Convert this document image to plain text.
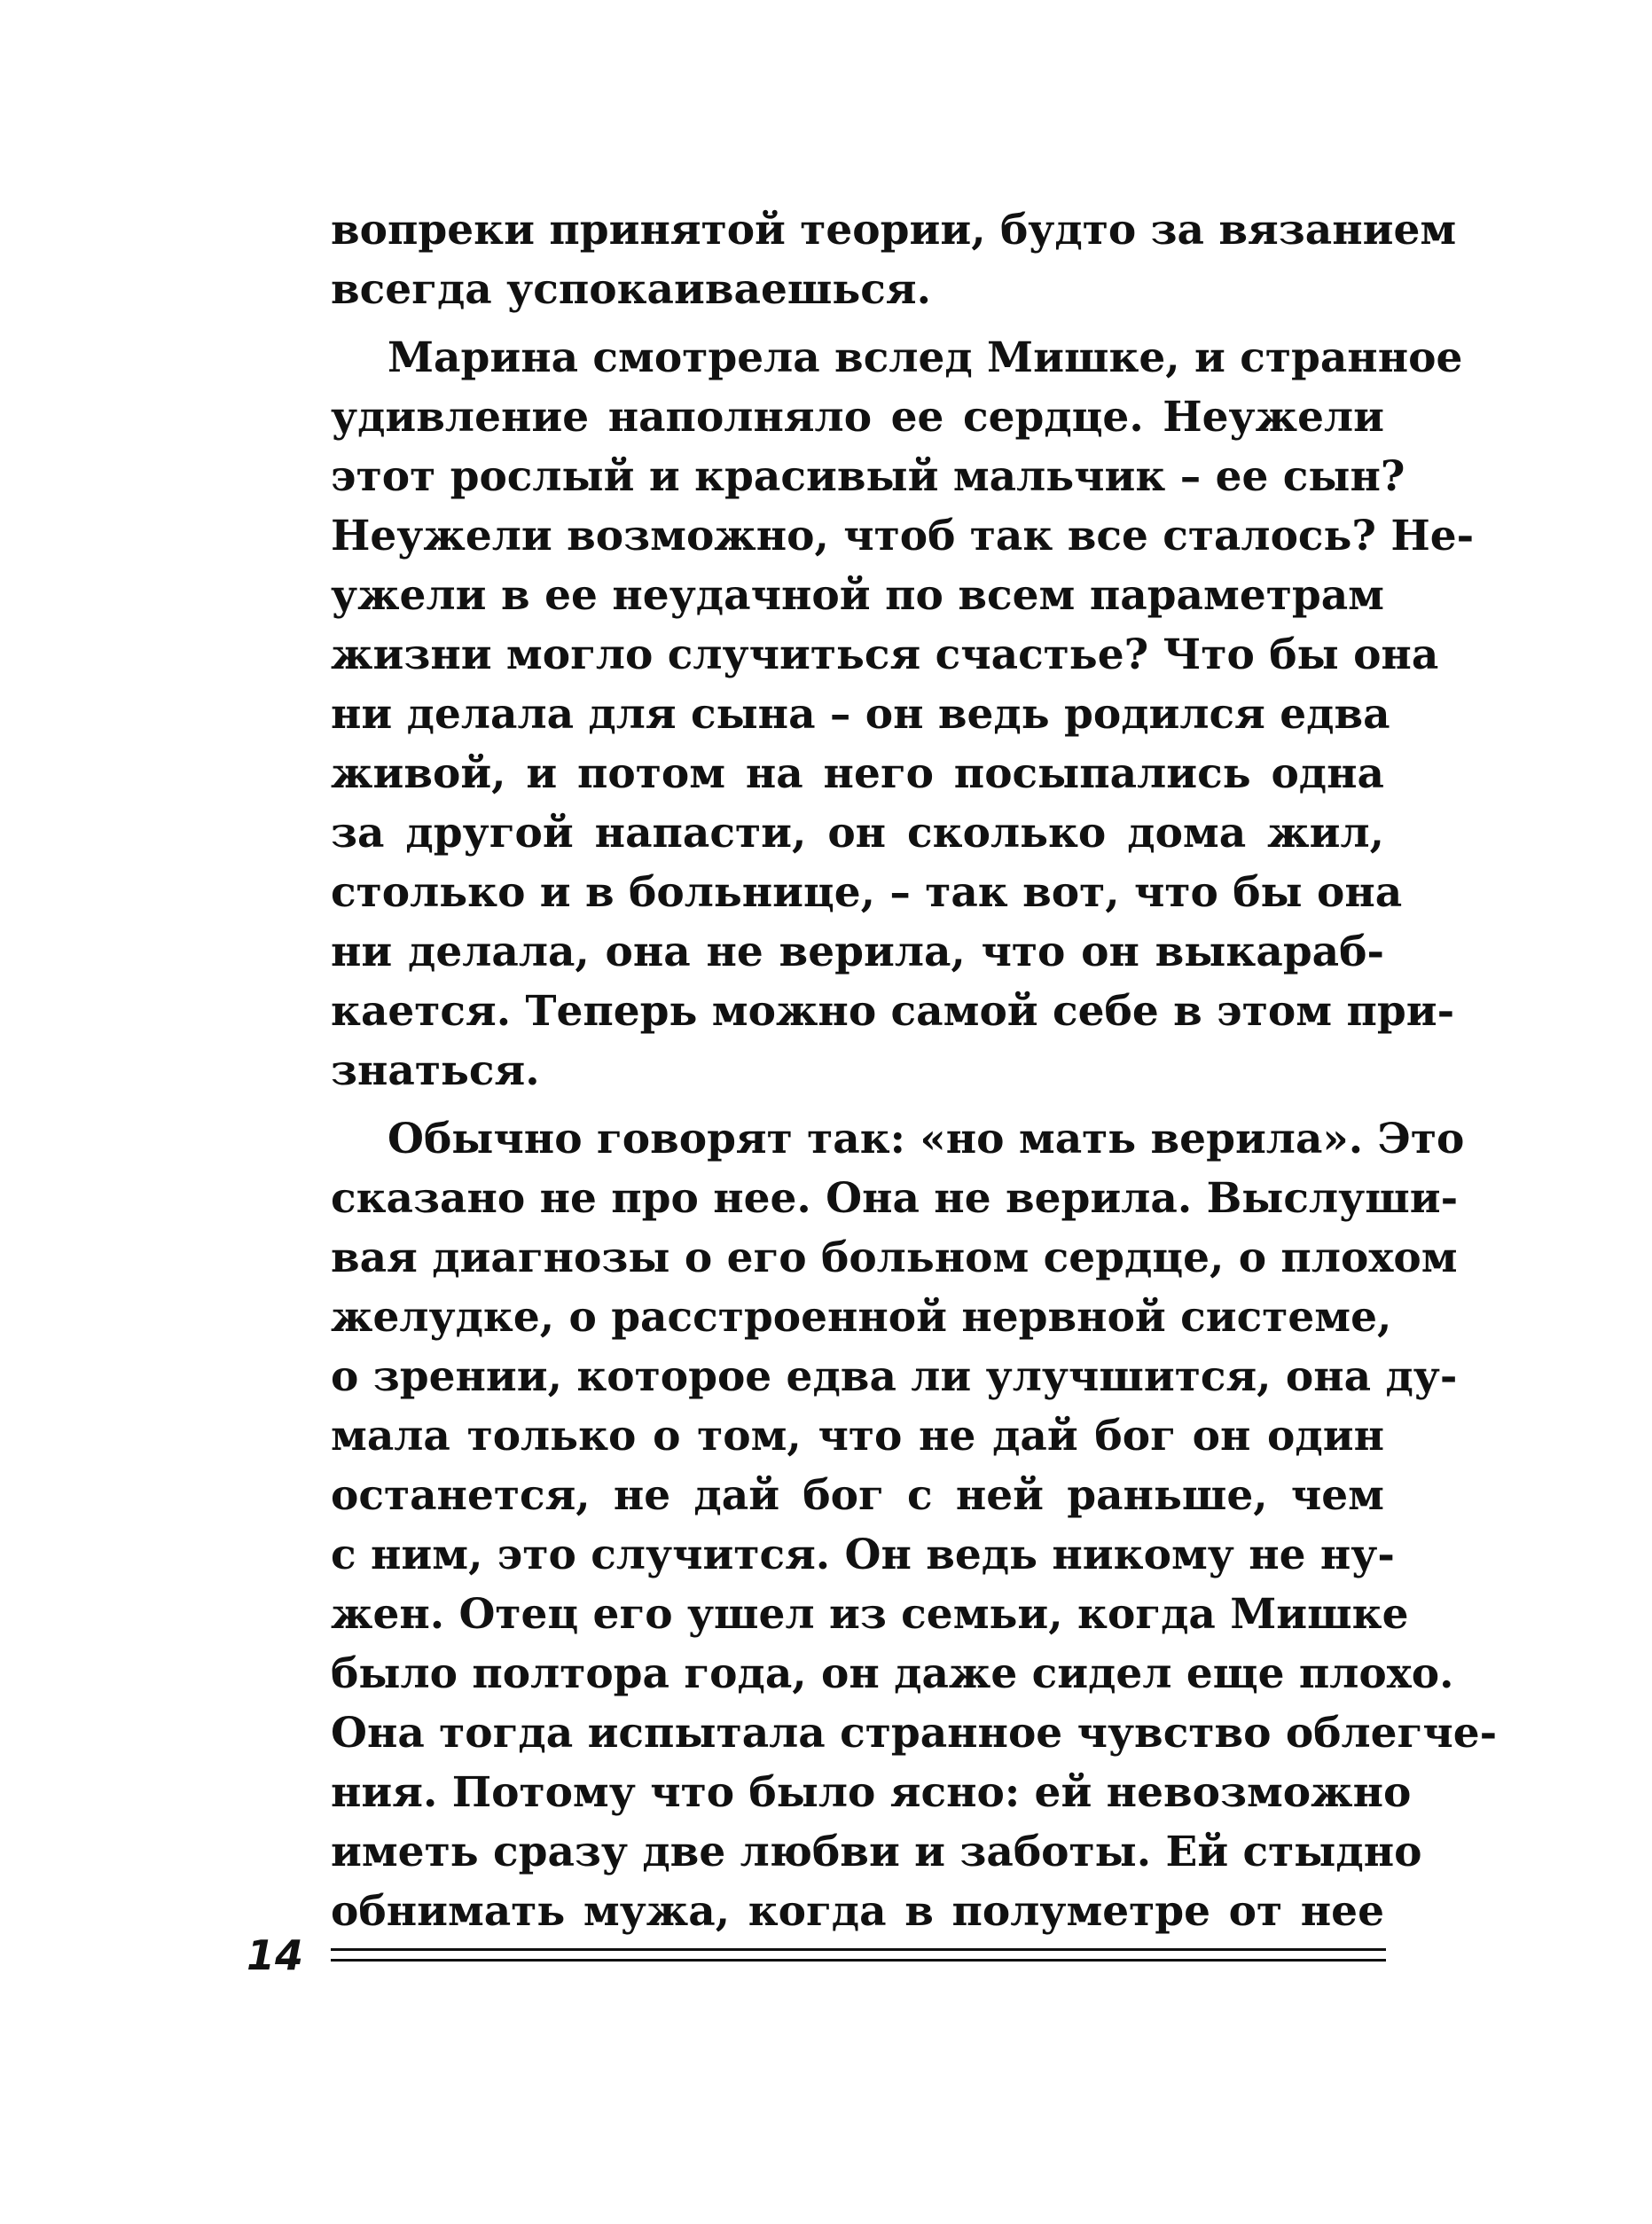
вопреки принятой теории, будто за вязанием
всегда успокаиваешься.
Марина смотрела вслед Мишке, и странное
удивление наполняло ее сердце. Неужели
этот рослый и красивый мальчик – ее сын?
Неужели возможно, чтоб так все сталось? Не-
ужели в ее неудачной по всем параметрам
жизни могло случиться счастье? Что бы она
ни делала для сына – он ведь родился едва
живой, и потом на него посыпались одна
за другой напасти, он сколько дома жил,
столько и в больнице, – так вот, что бы она
ни делала, она не верила, что он выкараб-
кается. Теперь можно самой себе в этом при-
знаться.
Обычно говорят так: «но мать верила». Это
сказано не про нее. Она не верила. Выслуши-
вая диагнозы о его больном сердце, о плохом
желудке, о расстроенной нервной системе,
о зрении, которое едва ли улучшится, она ду-
мала только о том, что не дай бог он один
останется, не дай бог с ней раньше, чем
с ним, это случится. Он ведь никому не ну-
жен. Отец его ушел из семьи, когда Мишке
было полтора года, он даже сидел еще плохо.
Она тогда испытала странное чувство облегче-
ния. Потому что было ясно: ей невозможно
иметь сразу две любви и заботы. Ей стыдно
обнимать мужа, когда в полуметре от нее
14
